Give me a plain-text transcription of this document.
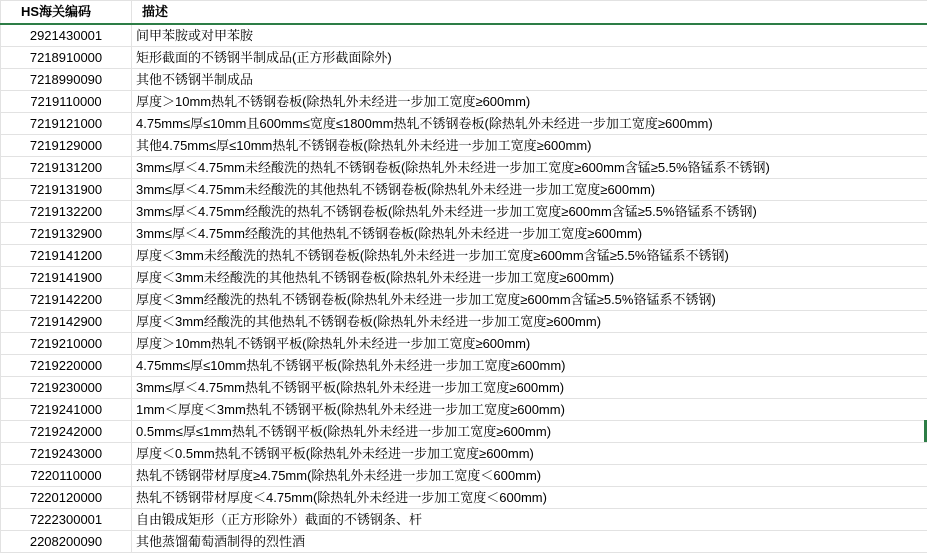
HS海关编码	描述
2921430001	间甲苯胺或对甲苯胺
7218910000	矩形截面的不锈钢半制成品(正方形截面除外)
7218990090	其他不锈钢半制成品
7219110000	厚度＞10mm热轧不锈钢卷板(除热轧外未经进一步加工宽度≥600mm)
7219121000	4.75mm≤厚≤10mm且600mm≤宽度≤1800mm热轧不锈钢卷板(除热轧外未经进一步加工宽度≥600mm)
7219129000	其他4.75mm≤厚≤10mm热轧不锈钢卷板(除热轧外未经进一步加工宽度≥600mm)
7219131200	3mm≤厚＜4.75mm未经酸洗的热轧不锈钢卷板(除热轧外未经进一步加工宽度≥600mm含锰≥5.5%铬锰系不锈钢)
7219131900	3mm≤厚＜4.75mm未经酸洗的其他热轧不锈钢卷板(除热轧外未经进一步加工宽度≥600mm)
7219132200	3mm≤厚＜4.75mm经酸洗的热轧不锈钢卷板(除热轧外未经进一步加工宽度≥600mm含锰≥5.5%铬锰系不锈钢)
7219132900	3mm≤厚＜4.75mm经酸洗的其他热轧不锈钢卷板(除热轧外未经进一步加工宽度≥600mm)
7219141200	厚度＜3mm未经酸洗的热轧不锈钢卷板(除热轧外未经进一步加工宽度≥600mm含锰≥5.5%铬锰系不锈钢)
7219141900	厚度＜3mm未经酸洗的其他热轧不锈钢卷板(除热轧外未经进一步加工宽度≥600mm)
7219142200	厚度＜3mm经酸洗的热轧不锈钢卷板(除热轧外未经进一步加工宽度≥600mm含锰≥5.5%铬锰系不锈钢)
7219142900	厚度＜3mm经酸洗的其他热轧不锈钢卷板(除热轧外未经进一步加工宽度≥600mm)
7219210000	厚度＞10mm热轧不锈钢平板(除热轧外未经进一步加工宽度≥600mm)
7219220000	4.75mm≤厚≤10mm热轧不锈钢平板(除热轧外未经进一步加工宽度≥600mm)
7219230000	3mm≤厚＜4.75mm热轧不锈钢平板(除热轧外未经进一步加工宽度≥600mm)
7219241000	1mm＜厚度＜3mm热轧不锈钢平板(除热轧外未经进一步加工宽度≥600mm)
7219242000	0.5mm≤厚≤1mm热轧不锈钢平板(除热轧外未经进一步加工宽度≥600mm)
7219243000	厚度＜0.5mm热轧不锈钢平板(除热轧外未经进一步加工宽度≥600mm)
7220110000	热轧不锈钢带材厚度≥4.75mm(除热轧外未经进一步加工宽度＜600mm)
7220120000	热轧不锈钢带材厚度＜4.75mm(除热轧外未经进一步加工宽度＜600mm)
7222300001	自由锻成矩形（正方形除外）截面的不锈钢条、杆
2208200090	其他蒸馏葡萄酒制得的烈性酒
